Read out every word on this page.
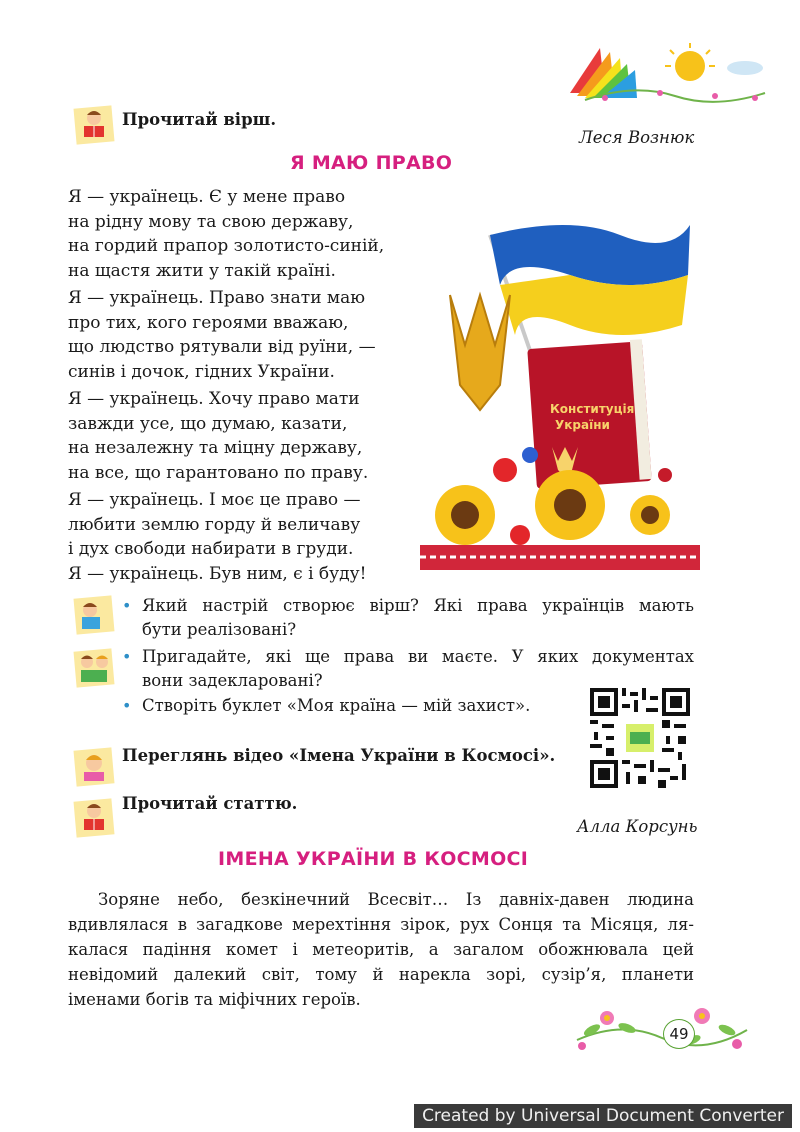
Прочитай вірш.
Леся Вознюк
Я МАЮ ПРАВО

Я — українець. Є у мене право

на рідну мову та свою державу,

на гордий прапор золотисто-синій,

на щастя жити у такій країні.

Я — українець. Право знати маю

про тих, кого героями вважаю,

що людство рятували від руїни, —

синів і дочок, гідних України.

Я — українець. Хочу право мати

завжди усе, що думаю, казати,

на незалежну та міцну державу,

на все, що гарантовано по праву.

Я — українець. І моє це право —

любити землю горду й величаву

і дух свободи набирати в груди.

Я — українець. Був ним, є і буду!

Конституція
України
• Який настрій створює вірш? Які права українців мають
бути реалізовані?
• Пригадайте, які ще права ви маєте. У яких документах
вони задекларовані?
• Створіть буклет «Моя країна — мій захист».
Переглянь відео «Імена України в Космосі».
Прочитай статтю.
Алла Корсунь
ІМЕНА УКРАЇНИ В КОСМОСІ
Зоряне небо, безкінечний Всесвіт… Із давніх-давен людина
вдивлялася в загадкове мерехтіння зірок, рух Сонця та Місяця, ля-
калася падіння комет і метеоритів, а загалом обожнювала цей
невідомий далекий світ, тому й нарекла зорі, сузір’я, планети
іменами богів та міфічних героїв.
49
Created by Universal Document Converter
